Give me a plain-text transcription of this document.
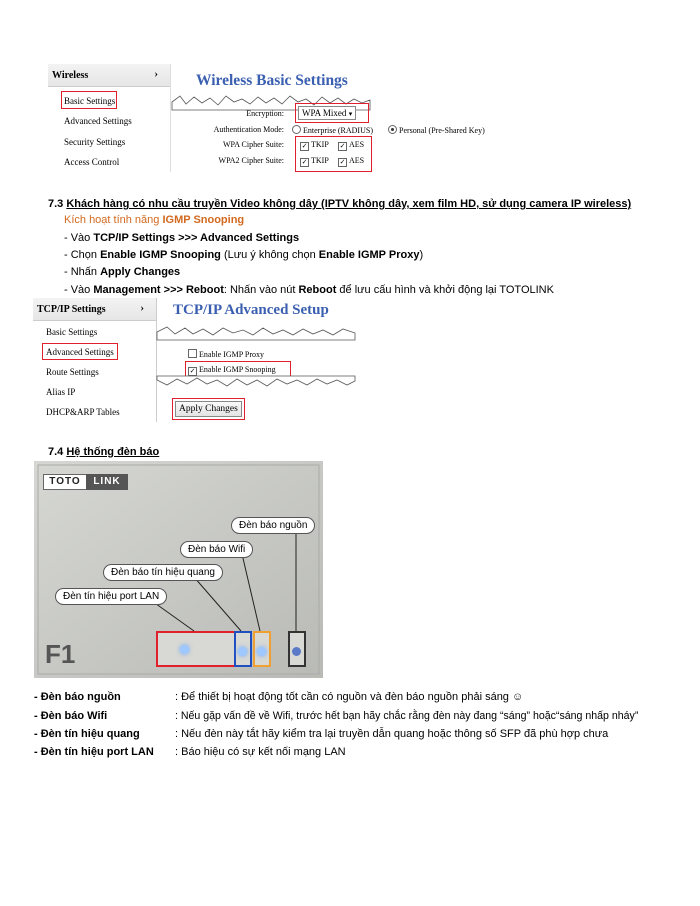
Wireless	›
Basic Settings
Advanced Settings
Security Settings
Access Control
Wireless Basic Settings
Encryption:	WPA Mixed ▾
Authentication Mode:	Enterprise (RADIUS)	Personal (Pre-Shared Key)
WPA Cipher Suite:	✓ TKIP ✓ AES
WPA2 Cipher Suite:	✓ TKIP ✓ AES
7.3 Khách hàng có nhu cầu truyền Video không dây (IPTV không dây, xem film HD, sử dụng camera IP wireless)
Kích hoạt tính năng IGMP Snooping
- Vào TCP/IP Settings >>> Advanced Settings
- Chọn Enable IGMP Snooping (Lưu ý không chọn Enable IGMP Proxy)
- Nhấn Apply Changes
- Vào Management >>> Reboot: Nhấn vào nút Reboot để lưu cấu hình và khởi động lại TOTOLINK
TCP/IP Settings	›
Basic Settings
Advanced Settings
Route Settings
Alias IP
DHCP&ARP Tables
TCP/IP Advanced Setup
Enable IGMP Proxy
✓ Enable IGMP Snooping
Apply Changes
7.4 Hệ thống đèn báo
TOTO	LINK
F1
Đèn báo nguồn
Đèn báo Wifi
Đèn báo tín hiệu quang
Đèn tín hiệu port LAN
- Đèn báo nguồn	: Để thiết bị hoạt động tốt cần có nguồn và đèn báo nguồn phải sáng ☺
- Đèn báo Wifi	: Nếu gặp vấn đề về Wifi, trước hết bạn hãy chắc rằng đèn này đang “sáng” hoặc“sáng nhấp nháy”
- Đèn tín hiệu quang	: Nếu đèn này tắt hãy kiểm tra lại truyền dẫn quang hoặc thông số SFP đã phù hợp chưa
- Đèn tín hiệu port LAN : Báo hiệu có sự kết nối mạng LAN
